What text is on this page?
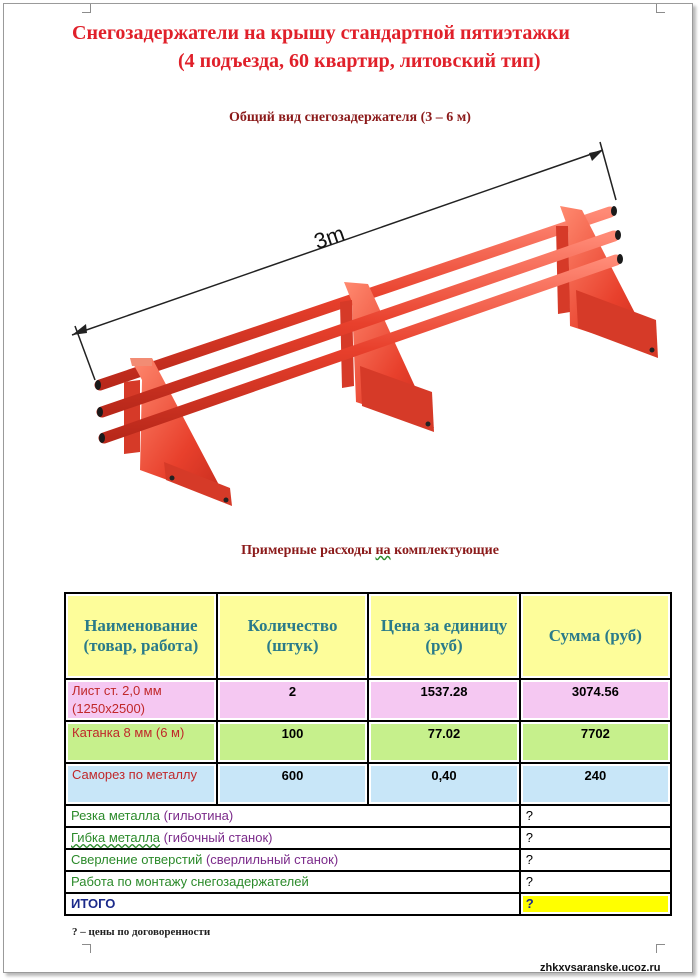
Снегозадержатели на крышу стандартной пятиэтажки
(4 подъезда, 60 квартир, литовский тип)
Общий вид снегозадержателя (3 – 6 м)
3m
Примерные расходы на комплектующие
Наименование (товар, работа)	Количество (штук)	Цена за единицу (руб)	Сумма (руб)

Лист ст. 2,0 мм (1250х2500)	2	1537.28	3074.56

Катанка 8 мм (6 м)	100	77.02	7702

Саморез по металлу	600	0,40	240

Резка металла (гильотина)			?

Гибка металла (гибочный станок)			?

Сверление отверстий (сверлильный станок)			?

Работа по монтажу снегозадержателей			?

ИТОГО			?
? – цены по договоренности
zhkxvsaranske.ucoz.ru
